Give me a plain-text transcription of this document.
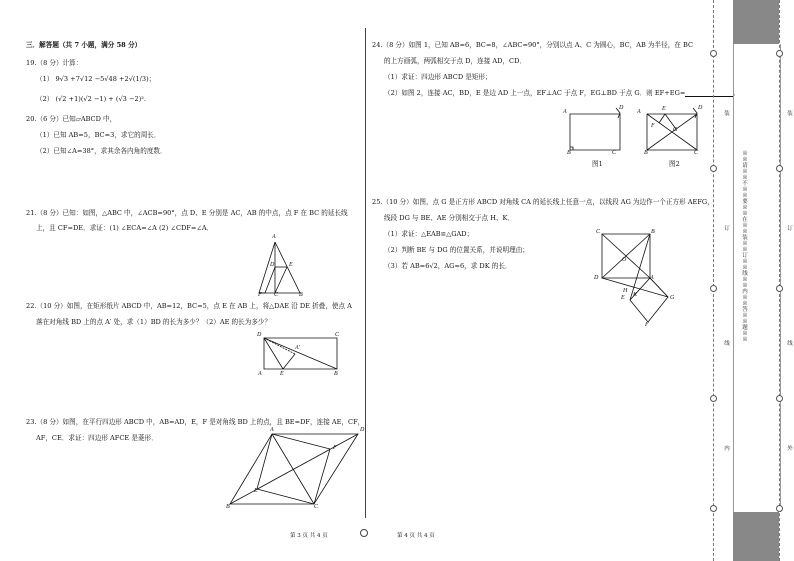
三．解答题（共 7 小题，满分 58 分）
19.（8 分）计算：
（1） 9√3 +7√12 −5√48 +2√(1/3)；
（2） (√2 +1)(√2 −1) + (√3 −2)².
20.（6 分）已知▱ABCD 中，
（1）已知 AB=5，BC=3，求它的周长．
（2）已知∠A=38°，求其余各内角的度数．
21.（8 分）已知：如图，△ABC 中，∠ACB=90°，点 D、E 分别是 AC，AB 的中点，点 F 在 BC 的延长线
上，且 CF=DE．求证：(1) ∠ECA=∠A (2) ∠CDF=∠A．
A
D E
F C	B
22.（10 分）如图，在矩形纸片 ABCD 中，AB=12，BC=5，点 E 在 AB 上，将△DAE 沿 DE 折叠，使点 A
落在对角线 BD 上的点 A′ 处，求（1）BD 的长为多少？（2）AE 的长为多少？
D	C
A′
A	E	B
23.（8 分）如图，在平行四边形 ABCD 中，AB=AD，E，F 是对角线 BD 上的点，且 BE=DF，连接 AE，CF，
AF，CE．求证：四边形 AFCE 是菱形．
A	D
F
E
B	C
24.（8 分）如图 1，已知 AB=6，BC=8，∠ABC=90°，分别以点 A、C 为圆心，BC，AB 为半径，在 BC
的上方画弧，两弧相交于点 D，连接 AD，CD．
（1）求证：四边形 ABCD 是矩形；
（2）如图 2，连接 AC，BD，E 是边 AD 上一点，EF⊥AC 于点 F，EG⊥BD 于点 G．则 EF+EG=	．
A
D
B	C
图1
A	E	D
F
G
B	C
图2
25.（10 分）如图，点 G 是正方形 ABCD 对角线 CA 的延长线上任意一点，以线段 AG 为边作一个正方形 AEFG，
线段 DG 与 BE、AE 分别相交于点 H、K．
（1）求证：△EAB≌△GAD；
（2）判断 BE 与 DG 的位置关系，并说明理由；
（3）若 AB=6√2，AG=6，求 DK 的长．
C	B
O
D	A
H
E K	G
F
第 3 页 共 4 页	第 4 页 共 4 页
※※请※※不※※要※※在※※装※※订※※线※※内※※答※※题※※
订
线
装
内	外
订
线
装
